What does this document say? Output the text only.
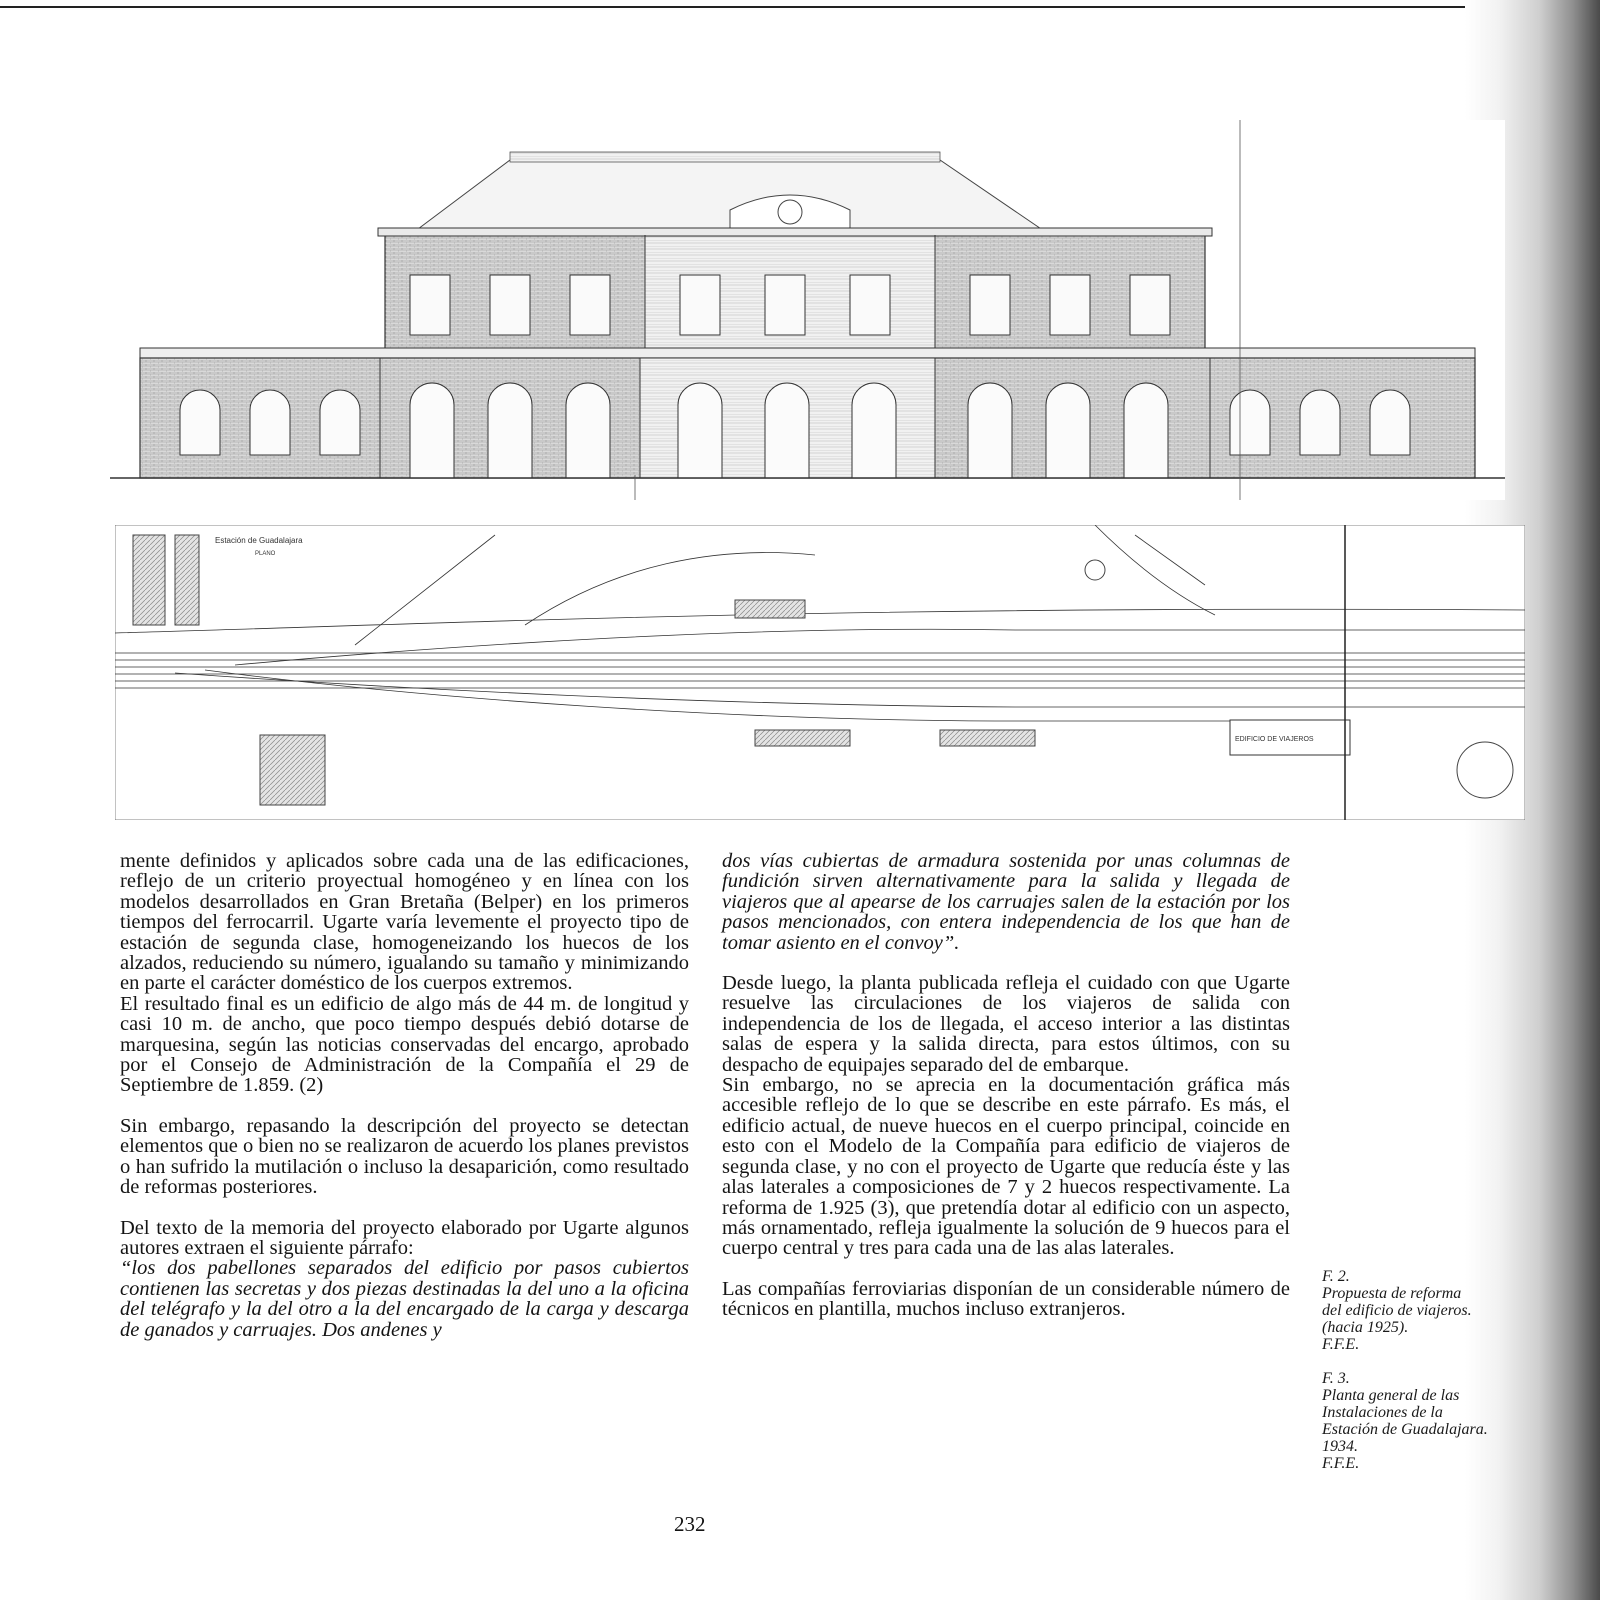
Estación de Guadalajara
PLANO
EDIFICIO DE VIAJEROS

mente definidos y aplicados sobre cada una de las edificaciones, reflejo de un criterio proyectual homogéneo y en línea con los modelos desarrollados en Gran Bretaña (Belper) en los primeros tiempos del ferrocarril. Ugarte varía levemente el proyecto tipo de estación de segunda clase, homogeneizando los huecos de los alzados, reduciendo su número, igualando su tamaño y minimizando en parte el carácter doméstico de los cuerpos extremos.

El resultado final es un edificio de algo más de 44 m. de longitud y casi 10 m. de ancho, que poco tiempo después debió dotarse de marquesina, según las noticias conservadas del encargo, aprobado por el Consejo de Administración de la Compañía el 29 de Septiembre de 1.859. (2)

Sin embargo, repasando la descripción del proyecto se detectan elementos que o bien no se realizaron de acuerdo los planes previstos o han sufrido la mutilación o incluso la desaparición, como resultado de reformas posteriores.

Del texto de la memoria del proyecto elaborado por Ugarte algunos autores extraen el siguiente párrafo:

“los dos pabellones separados del edificio por pasos cubiertos contienen las secretas y dos piezas destinadas la del uno a la oficina del telégrafo y la del otro a la del encargado de la carga y descarga de ganados y carruajes. Dos andenes y

dos vías cubiertas de armadura sostenida por unas columnas de fundición sirven alternativamente para la salida y llegada de viajeros que al apearse de los carruajes salen de la estación por los pasos mencionados, con entera independencia de los que han de tomar asiento en el convoy”.

Desde luego, la planta publicada refleja el cuidado con que Ugarte resuelve las circulaciones de los viajeros de salida con independencia de los de llegada, el acceso interior a las distintas salas de espera y la salida directa, para estos últimos, con su despacho de equipajes separado del de embarque.

Sin embargo, no se aprecia en la documentación gráfica más accesible reflejo de lo que se describe en este párrafo. Es más, el edificio actual, de nueve huecos en el cuerpo principal, coincide en esto con el Modelo de la Compañía para edificio de viajeros de segunda clase, y no con el proyecto de Ugarte que reducía éste y las alas laterales a composiciones de 7 y 2 huecos respectivamente. La reforma de 1.925 (3), que pretendía dotar al edificio con un aspecto, más ornamentado, refleja igualmente la solución de 9 huecos para el cuerpo central y tres para cada una de las alas laterales.

Las compañías ferroviarias disponían de un considerable número de técnicos en plantilla, muchos incluso extranjeros.

F. 2.
Propuesta de reforma
del edificio de viajeros.
(hacia 1925).
F.F.E.

F. 3.
Planta general de las
Instalaciones de la
Estación de Guadalajara.
1934.
F.F.E.

232
